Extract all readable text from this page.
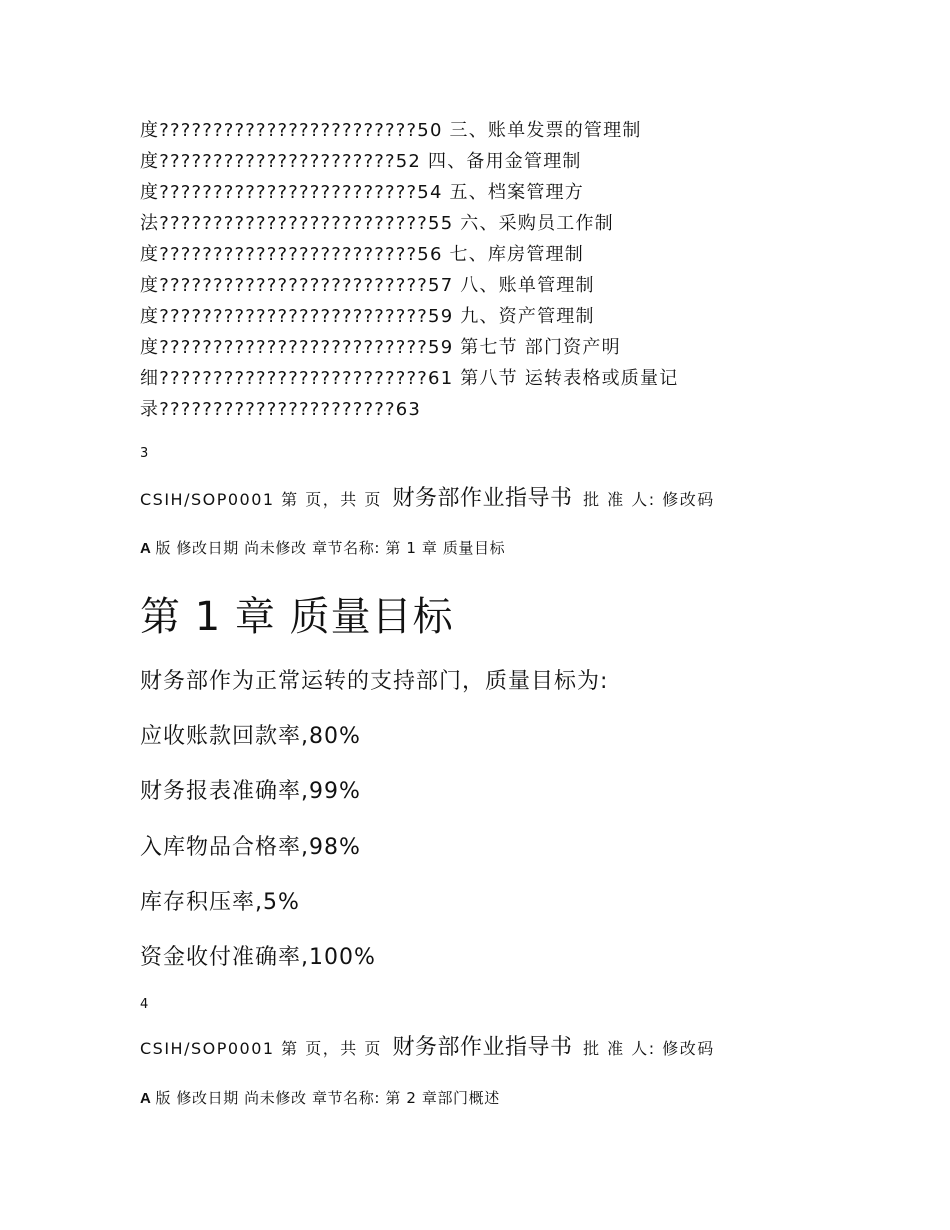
度????????????????????????50 三、账单发票的管理制
度??????????????????????52 四、备用金管理制
度????????????????????????54 五、档案管理方
法?????????????????????????55 六、采购员工作制
度????????????????????????56 七、库房管理制
度?????????????????????????57 八、账单管理制
度?????????????????????????59 九、资产管理制
度?????????????????????????59 第七节 部门资产明
细?????????????????????????61 第八节 运转表格或质量记
录??????????????????????63
3
CSIH/SOP0001 第 页，共 页 财务部作业指导书 批 准 人: 修改码
A 版 修改日期 尚未修改 章节名称: 第 1 章 质量目标
第 1 章 质量目标
财务部作为正常运转的支持部门，质量目标为:
应收账款回款率,80%
财务报表准确率,99%
入库物品合格率,98%
库存积压率,5%
资金收付准确率,100%
4
CSIH/SOP0001 第 页，共 页 财务部作业指导书 批 准 人: 修改码
A 版 修改日期 尚未修改 章节名称: 第 2 章部门概述
